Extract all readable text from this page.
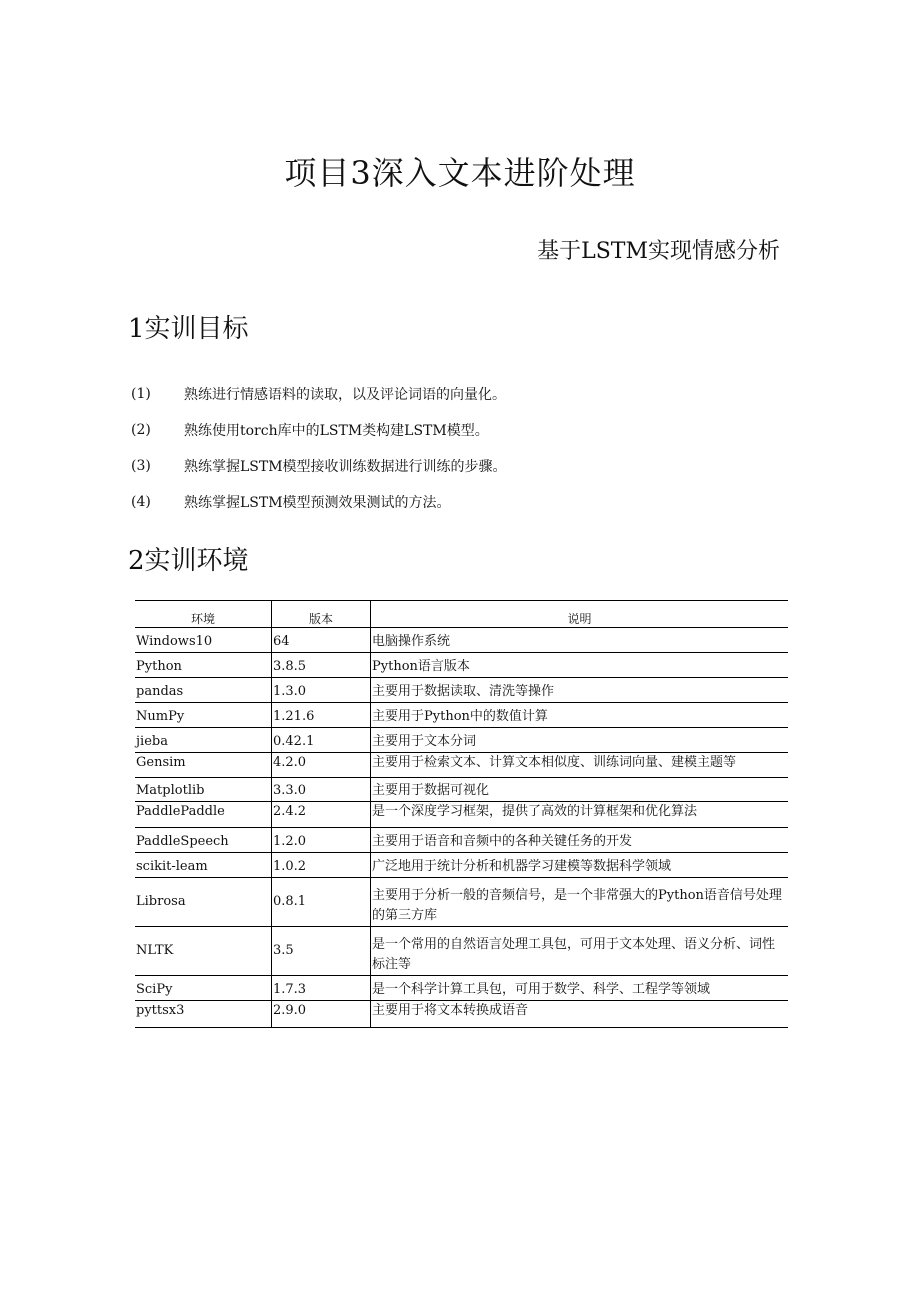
项目3深入文本进阶处理
基于LSTM实现情感分析
1实训目标
(1)	熟练进行情感语料的读取，以及评论词语的向量化。
(2)	熟练使用torch库中的LSTM类构建LSTM模型。
(3)	熟练掌握LSTM模型接收训练数据进行训练的步骤。
(4)	熟练掌握LSTM模型预测效果测试的方法。
2实训环境
环境	版本	说明
Windows10	64	电脑操作系统
Python	3.8.5	Python语言版本
pandas	1.3.0	主要用于数据读取、清洗等操作
NumPy	1.21.6	主要用于Python中的数值计算
jieba	0.42.1	主要用于文本分词
Gensim	4.2.0	主要用于检索文本、计算文本相似度、训练词向量、建模主题等
Matplotlib	3.3.0	主要用于数据可视化
PaddlePaddle	2.4.2	是一个深度学习框架，提供了高效的计算框架和优化算法
PaddleSpeech	1.2.0	主要用于语音和音频中的各种关键任务的开发
scikit-leam	1.0.2	广泛地用于统计分析和机器学习建模等数据科学领域
Librosa	0.8.1	主要用于分析一般的音频信号，是一个非常强大的Python语音信号处理的第三方库
NLTK	3.5	是一个常用的自然语言处理工具包，可用于文本处理、语义分析、词性标注等
SciPy	1.7.3	是一个科学计算工具包，可用于数学、科学、工程学等领域
pyttsx3	2.9.0	主要用于将文本转换成语音
